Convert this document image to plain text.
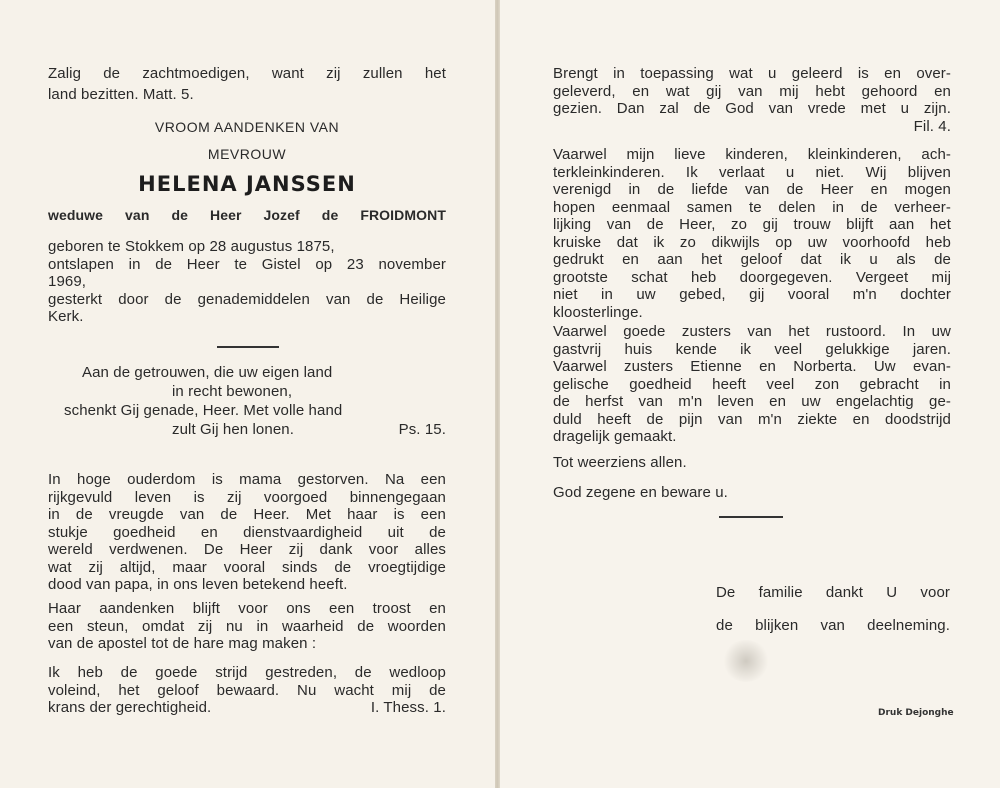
Zalig de zachtmoedigen, want zij zullen het
land bezitten. Matt. 5.

VROOM AANDENKEN VAN
MEVROUW
HELENA JANSSEN
weduwe van de Heer Jozef de FROIDMONT

geboren te Stokkem op 28 augustus 1875,
ontslapen in de Heer te Gistel op 23 november
1969,
gesterkt door de genademiddelen van de Heilige
Kerk.

Aan de getrouwen, die uw eigen land
in recht bewonen,
schenkt Gij genade, Heer. Met volle hand
zult Gij hen lonen.	Ps. 15.

In hoge ouderdom is mama gestorven. Na een
rijkgevuld leven is zij voorgoed binnengegaan
in de vreugde van de Heer. Met haar is een
stukje goedheid en dienstvaardigheid uit de
wereld verdwenen. De Heer zij dank voor alles
wat zij altijd, maar vooral sinds de vroegtijdige
dood van papa, in ons leven betekend heeft.

Haar aandenken blijft voor ons een troost en
een steun, omdat zij nu in waarheid de woorden
van de apostel tot de hare mag maken :

Ik heb de goede strijd gestreden, de wedloop
voleind, het geloof bewaard. Nu wacht mij de
krans der gerechtigheid.	I. Thess. 1.

Brengt in toepassing wat u geleerd is en over-
geleverd, en wat gij van mij hebt gehoord en
gezien. Dan zal de God van vrede met u zijn.
Fil. 4.

Vaarwel mijn lieve kinderen, kleinkinderen, ach-
terkleinkinderen. Ik verlaat u niet. Wij blijven
verenigd in de liefde van de Heer en mogen
hopen eenmaal samen te delen in de verheer-
lijking van de Heer, zo gij trouw blijft aan het
kruiske dat ik zo dikwijls op uw voorhoofd heb
gedrukt en aan het geloof dat ik u als de
grootste schat heb doorgegeven. Vergeet mij
niet in uw gebed, gij vooral m'n dochter
kloosterlinge.

Vaarwel goede zusters van het rustoord. In uw
gastvrij huis kende ik veel gelukkige jaren.
Vaarwel zusters Etienne en Norberta. Uw evan-
gelische goedheid heeft veel zon gebracht in
de herfst van m'n leven en uw engelachtig ge-
duld heeft de pijn van m'n ziekte en doodstrijd
dragelijk gemaakt.

Tot weerziens allen.
God zegene en beware u.
De familie dankt U voor
de blijken van deelneming.
Druk Dejonghe
